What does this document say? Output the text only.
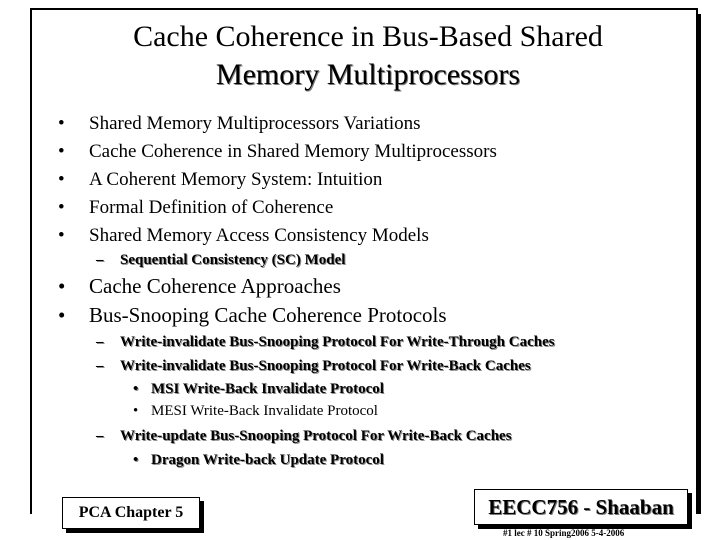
Cache Coherence in Bus-Based Shared
Memory Multiprocessors
• Shared Memory Multiprocessors Variations
• Cache Coherence in Shared Memory Multiprocessors
• A Coherent Memory System: Intuition
• Formal Definition of Coherence
• Shared Memory Access Consistency Models
– Sequential Consistency (SC) Model
• Cache Coherence Approaches
• Bus-Snooping Cache Coherence Protocols
– Write-invalidate Bus-Snooping Protocol For Write-Through Caches
– Write-invalidate Bus-Snooping Protocol For Write-Back Caches
• MSI Write-Back Invalidate Protocol
• MESI Write-Back Invalidate Protocol
– Write-update Bus-Snooping Protocol For Write-Back Caches
• Dragon Write-back Update Protocol
PCA Chapter 5	EECC756 - Shaaban
#1 lec # 10 Spring2006 5-4-2006
